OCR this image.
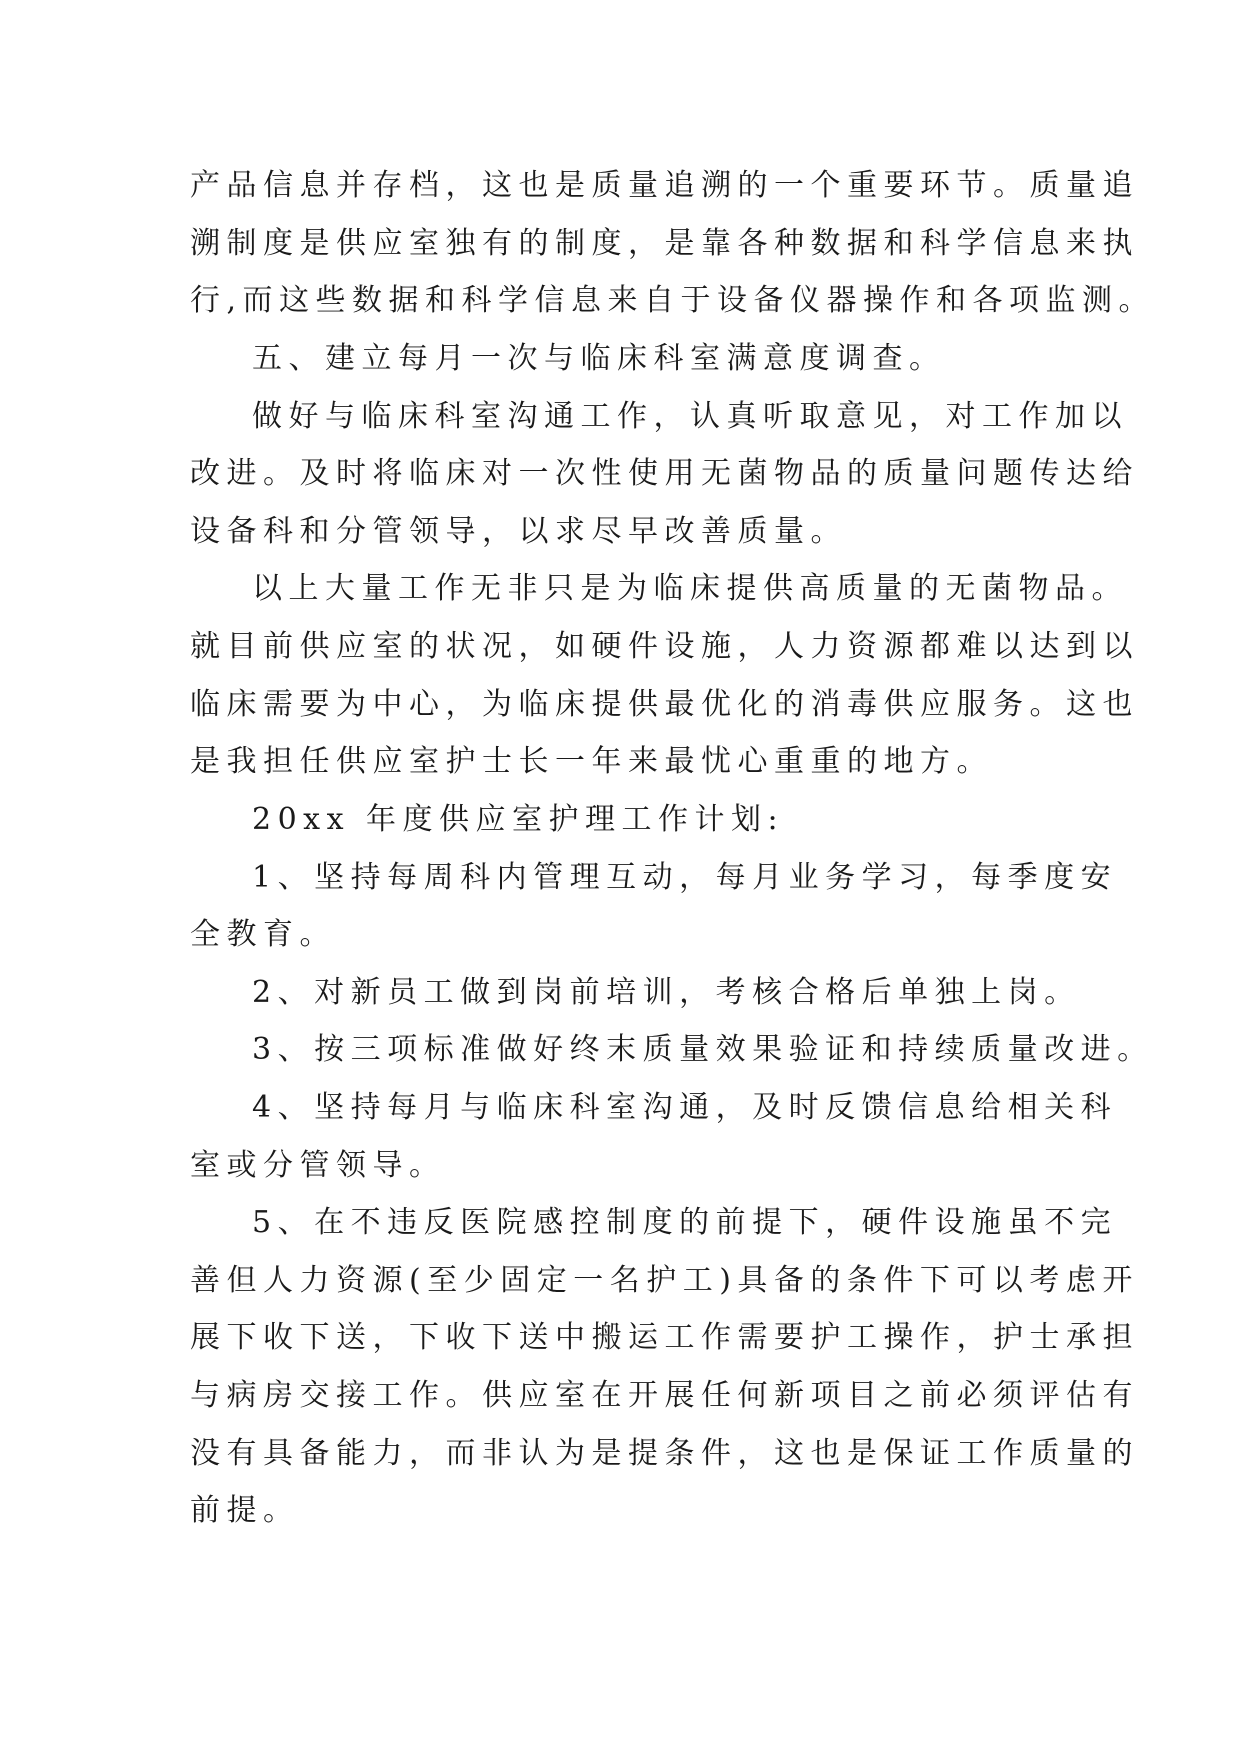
产品信息并存档，这也是质量追溯的一个重要环节。质量追
溯制度是供应室独有的制度，是靠各种数据和科学信息来执
行,而这些数据和科学信息来自于设备仪器操作和各项监测。
五、建立每月一次与临床科室满意度调查。
做好与临床科室沟通工作，认真听取意见，对工作加以
改进。及时将临床对一次性使用无菌物品的质量问题传达给
设备科和分管领导，以求尽早改善质量。
以上大量工作无非只是为临床提供高质量的无菌物品。
就目前供应室的状况，如硬件设施，人力资源都难以达到以
临床需要为中心，为临床提供最优化的消毒供应服务。这也
是我担任供应室护士长一年来最忧心重重的地方。
20xx 年度供应室护理工作计划:
1、坚持每周科内管理互动，每月业务学习，每季度安
全教育。
2、对新员工做到岗前培训，考核合格后单独上岗。
3、按三项标准做好终末质量效果验证和持续质量改进。
4、坚持每月与临床科室沟通，及时反馈信息给相关科
室或分管领导。
5、在不违反医院感控制度的前提下，硬件设施虽不完
善但人力资源(至少固定一名护工)具备的条件下可以考虑开
展下收下送，下收下送中搬运工作需要护工操作，护士承担
与病房交接工作。供应室在开展任何新项目之前必须评估有
没有具备能力，而非认为是提条件，这也是保证工作质量的
前提。
